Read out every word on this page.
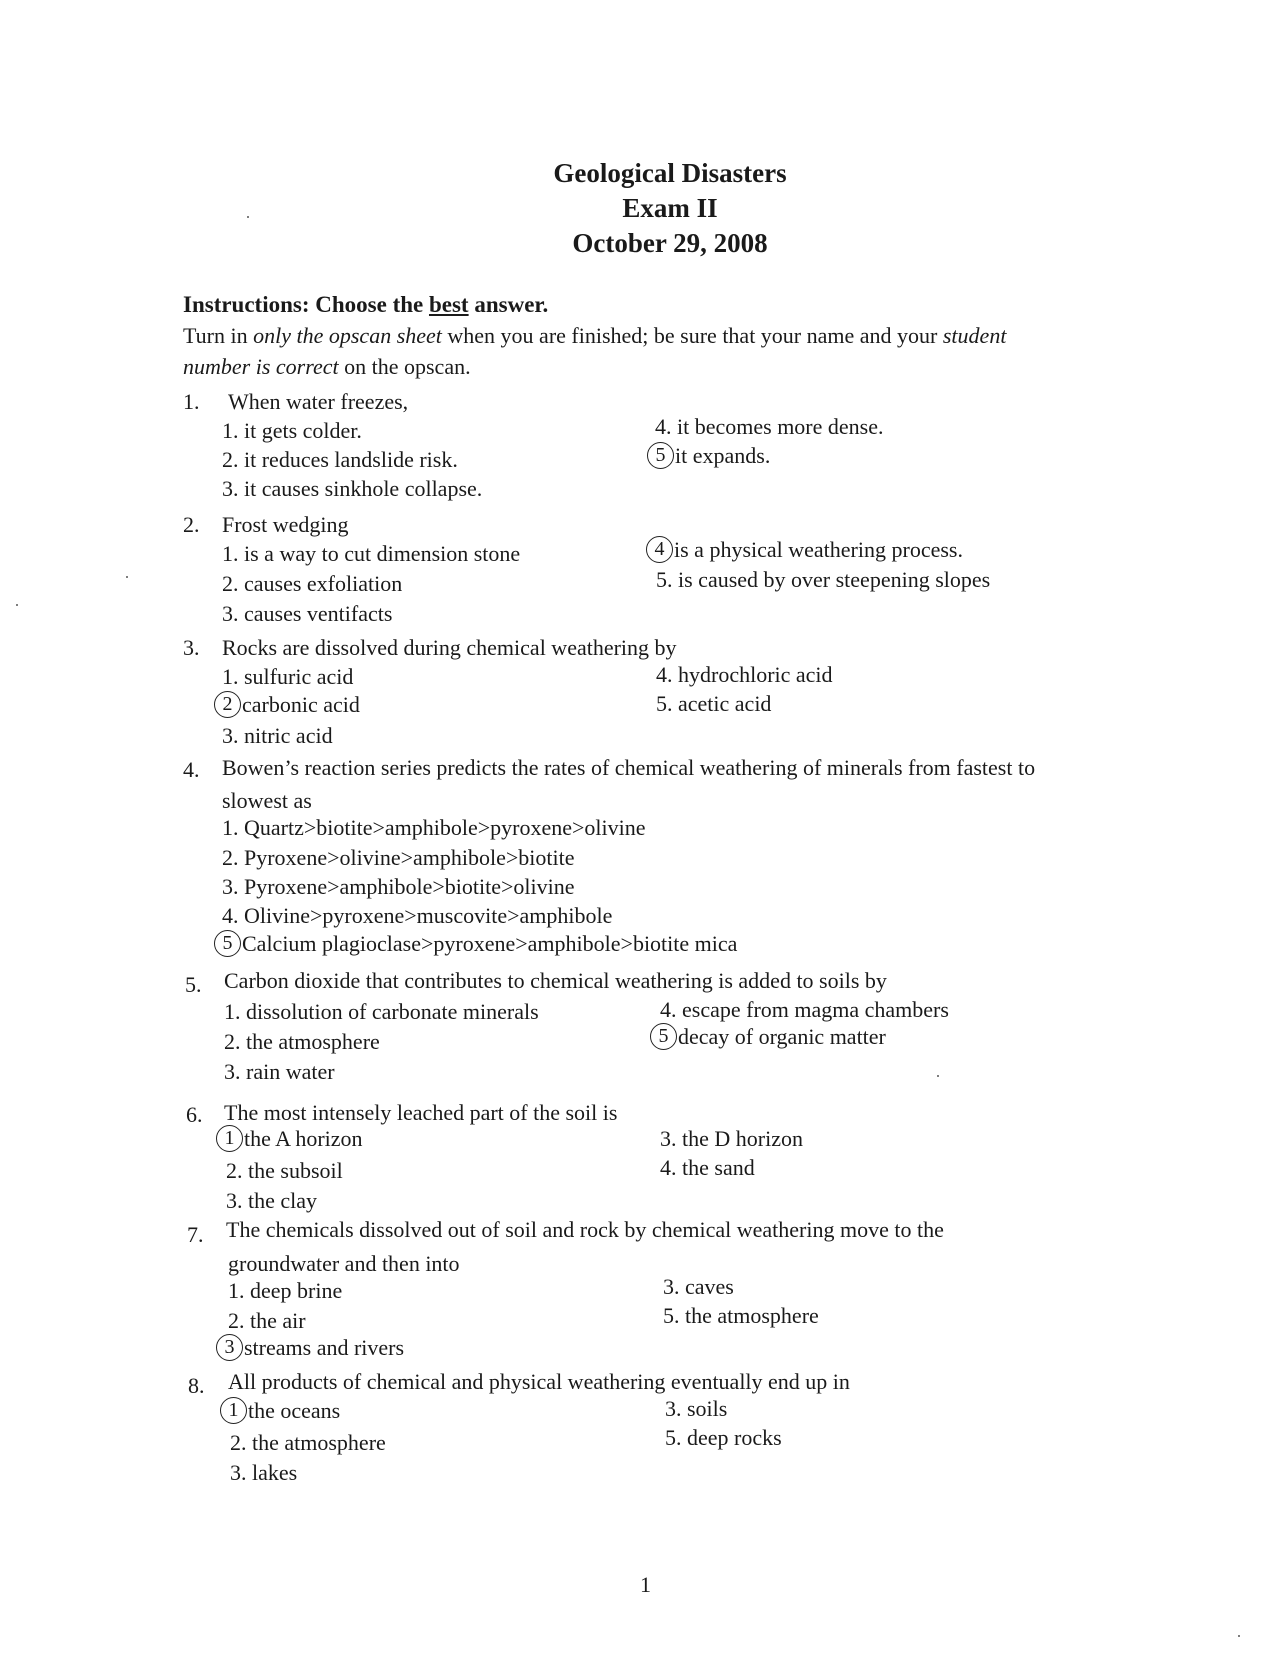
Geological Disasters
Exam II
October 29, 2008
Instructions: Choose the best answer.
Turn in only the opscan sheet when you are finished; be sure that your name and your student
number is correct on the opscan.
1. When water freezes,
1. it gets colder.
2. it reduces landslide risk.
3. it causes sinkhole collapse.
4. it becomes more dense.
5 it expands.
2. Frost wedging
1. is a way to cut dimension stone
2. causes exfoliation
3. causes ventifacts
4 is a physical weathering process.
5. is caused by over steepening slopes
3. Rocks are dissolved during chemical weathering by
1. sulfuric acid
2 carbonic acid
3. nitric acid
4. hydrochloric acid
5. acetic acid
4. Bowen’s reaction series predicts the rates of chemical weathering of minerals from fastest to
slowest as
1. Quartz>biotite>amphibole>pyroxene>olivine
2. Pyroxene>olivine>amphibole>biotite
3. Pyroxene>amphibole>biotite>olivine
4. Olivine>pyroxene>muscovite>amphibole
5 Calcium plagioclase>pyroxene>amphibole>biotite mica
5. Carbon dioxide that contributes to chemical weathering is added to soils by
1. dissolution of carbonate minerals
2. the atmosphere
3. rain water
4. escape from magma chambers
5 decay of organic matter
6. The most intensely leached part of the soil is
1 the A horizon
2. the subsoil
3. the clay
3. the D horizon
4. the sand
7. The chemicals dissolved out of soil and rock by chemical weathering move to the
groundwater and then into
1. deep brine
2. the air
3 streams and rivers
3. caves
5. the atmosphere
8. All products of chemical and physical weathering eventually end up in
1 the oceans
2. the atmosphere
3. lakes
3. soils
5. deep rocks
1
